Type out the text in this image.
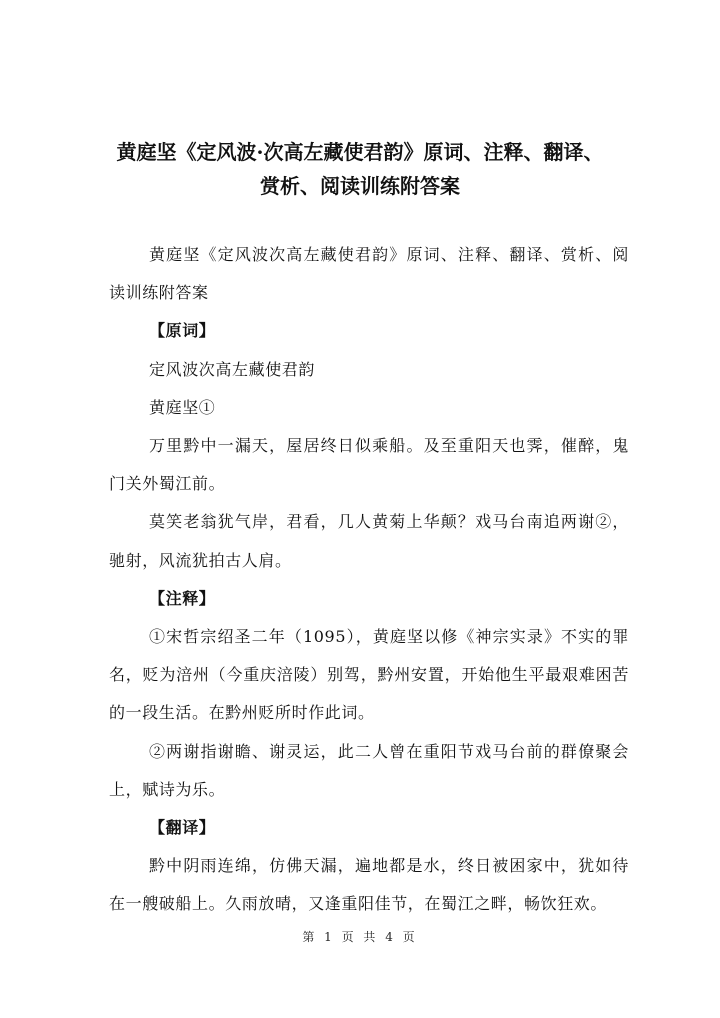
黄庭坚《定风波·次高左藏使君韵》原词、注释、翻译、
赏析、阅读训练附答案

黄庭坚《定风波次高左藏使君韵》原词、注释、翻译、赏析、阅读训练附答案

【原词】

定风波次高左藏使君韵

黄庭坚①

万里黔中一漏天，屋居终日似乘船。及至重阳天也霁，催醉，鬼门关外蜀江前。

莫笑老翁犹气岸，君看，几人黄菊上华颠？戏马台南追两谢②，驰射，风流犹拍古人肩。

【注释】

①宋哲宗绍圣二年（1095），黄庭坚以修《神宗实录》不实的罪名，贬为涪州（今重庆涪陵）别驾，黔州安置，开始他生平最艰难困苦的一段生活。在黔州贬所时作此词。

②两谢指谢瞻、谢灵运，此二人曾在重阳节戏马台前的群僚聚会上，赋诗为乐。

【翻译】

黔中阴雨连绵，仿佛天漏，遍地都是水，终日被困家中，犹如待在一艘破船上。久雨放晴，又逢重阳佳节，在蜀江之畔，畅饮狂欢。

第 1 页 共 4 页
